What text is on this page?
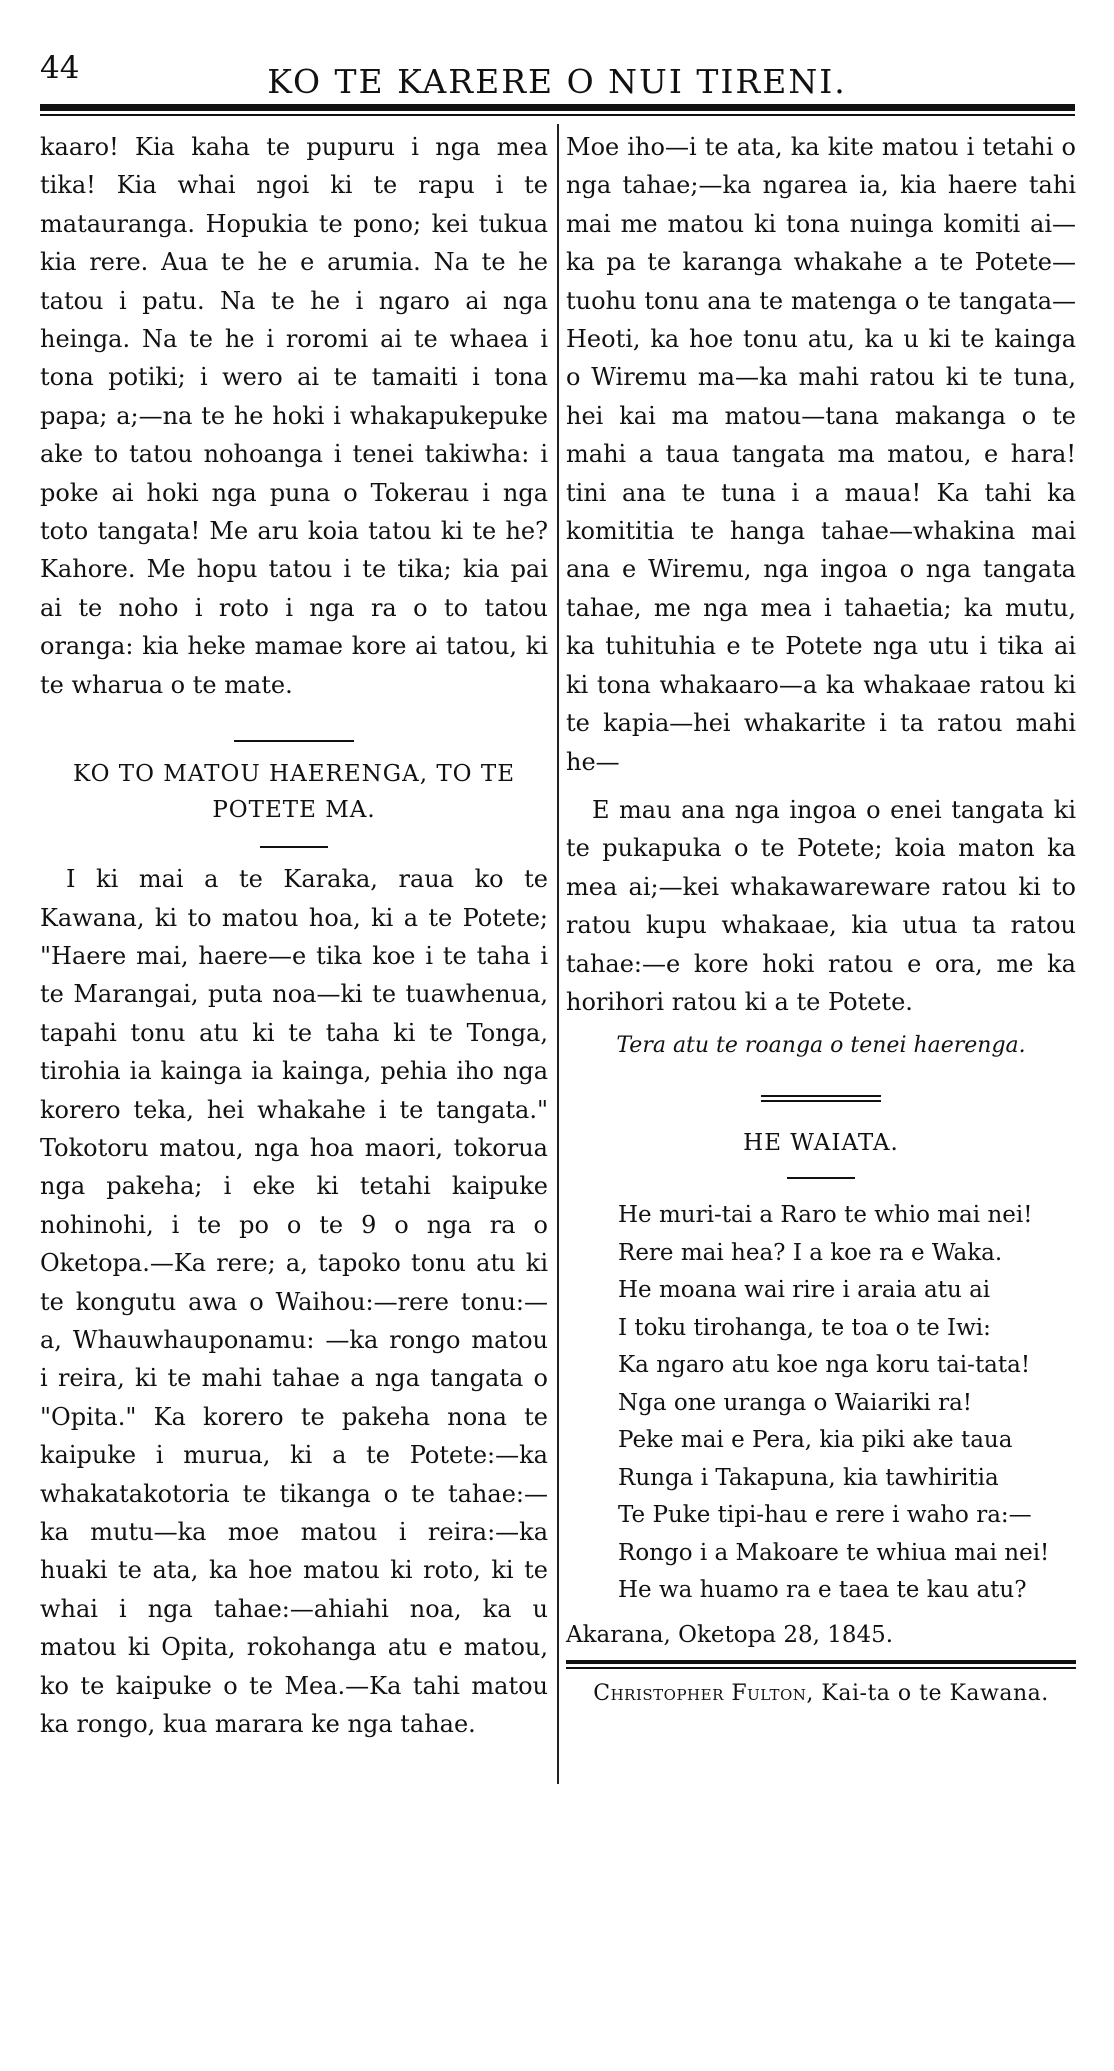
44	KO TE KARERE O NUI TIRENI.

kaaro! Kia kaha te pupuru i nga mea tika! Kia whai ngoi ki te rapu i te matauranga. Hopukia te pono; kei tukua kia rere. Aua te he e arumia. Na te he tatou i patu. Na te he i ngaro ai nga heinga. Na te he i roromi ai te whaea i tona potiki; i wero ai te tamaiti i tona papa; a;—na te he hoki i whakapukepuke ake to tatou nohoanga i tenei takiwha: i poke ai hoki nga puna o Tokerau i nga toto tangata! Me aru koia tatou ki te he? Kahore. Me hopu tatou i te tika; kia pai ai te noho i roto i nga ra o to tatou oranga: kia heke mamae kore ai tatou, ki te wharua o te mate.

KO TO MATOU HAERENGA, TO TE

POTETE MA.

I ki mai a te Karaka, raua ko te Kawana, ki to matou hoa, ki a te Potete; "Haere mai, haere—e tika koe i te taha i te Marangai, puta noa—ki te tuawhenua, tapahi tonu atu ki te taha ki te Tonga, tirohia ia kainga ia kainga, pehia iho nga korero teka, hei whakahe i te tangata." Tokotoru matou, nga hoa maori, tokorua nga pakeha; i eke ki tetahi kaipuke nohinohi, i te po o te 9 o nga ra o Oketopa.—Ka rere; a, tapoko tonu atu ki te kongutu awa o Waihou:—rere tonu:—a, Whauwhauponamu: —ka rongo matou i reira, ki te mahi tahae a nga tangata o "Opita." Ka korero te pakeha nona te kaipuke i murua, ki a te Potete:—ka whakatakotoria te tikanga o te tahae:—ka mutu—ka moe matou i reira:—ka huaki te ata, ka hoe matou ki roto, ki te whai i nga tahae:—ahiahi noa, ka u matou ki Opita, rokohanga atu e matou, ko te kaipuke o te Mea.—Ka tahi matou ka rongo, kua marara ke nga tahae.

Moe iho—i te ata, ka kite matou i tetahi o nga tahae;—ka ngarea ia, kia haere tahi mai me matou ki tona nuinga komiti ai—ka pa te karanga whakahe a te Potete—tuohu tonu ana te matenga o te tangata—Heoti, ka hoe tonu atu, ka u ki te kainga o Wiremu ma—ka mahi ratou ki te tuna, hei kai ma matou—tana makanga o te mahi a taua tangata ma matou, e hara! tini ana te tuna i a maua! Ka tahi ka komititia te hanga tahae—whakina mai ana e Wiremu, nga ingoa o nga tangata tahae, me nga mea i tahaetia; ka mutu, ka tuhituhia e te Potete nga utu i tika ai ki tona whakaaro—a ka whakaae ratou ki te kapia—hei whakarite i ta ratou mahi he—

E mau ana nga ingoa o enei tangata ki te pukapuka o te Potete; koia maton ka mea ai;—kei whakawareware ratou ki to ratou kupu whakaae, kia utua ta ratou tahae:—e kore hoki ratou e ora, me ka horihori ratou ki a te Potete.

Tera atu te roanga o tenei haerenga.

HE WAIATA.

He muri-tai a Raro te whio mai nei!

Rere mai hea? I a koe ra e Waka.

He moana wai rire i araia atu ai

I toku tirohanga, te toa o te Iwi:

Ka ngaro atu koe nga koru tai-tata!

Nga one uranga o Waiariki ra!

Peke mai e Pera, kia piki ake taua

Runga i Takapuna, kia tawhiritia

Te Puke tipi-hau e rere i waho ra:—

Rongo i a Makoare te whiua mai nei!

He wa huamo ra e taea te kau atu?

Akarana, Oketopa 28, 1845.

Christopher Fulton, Kai-ta o te Kawana.
